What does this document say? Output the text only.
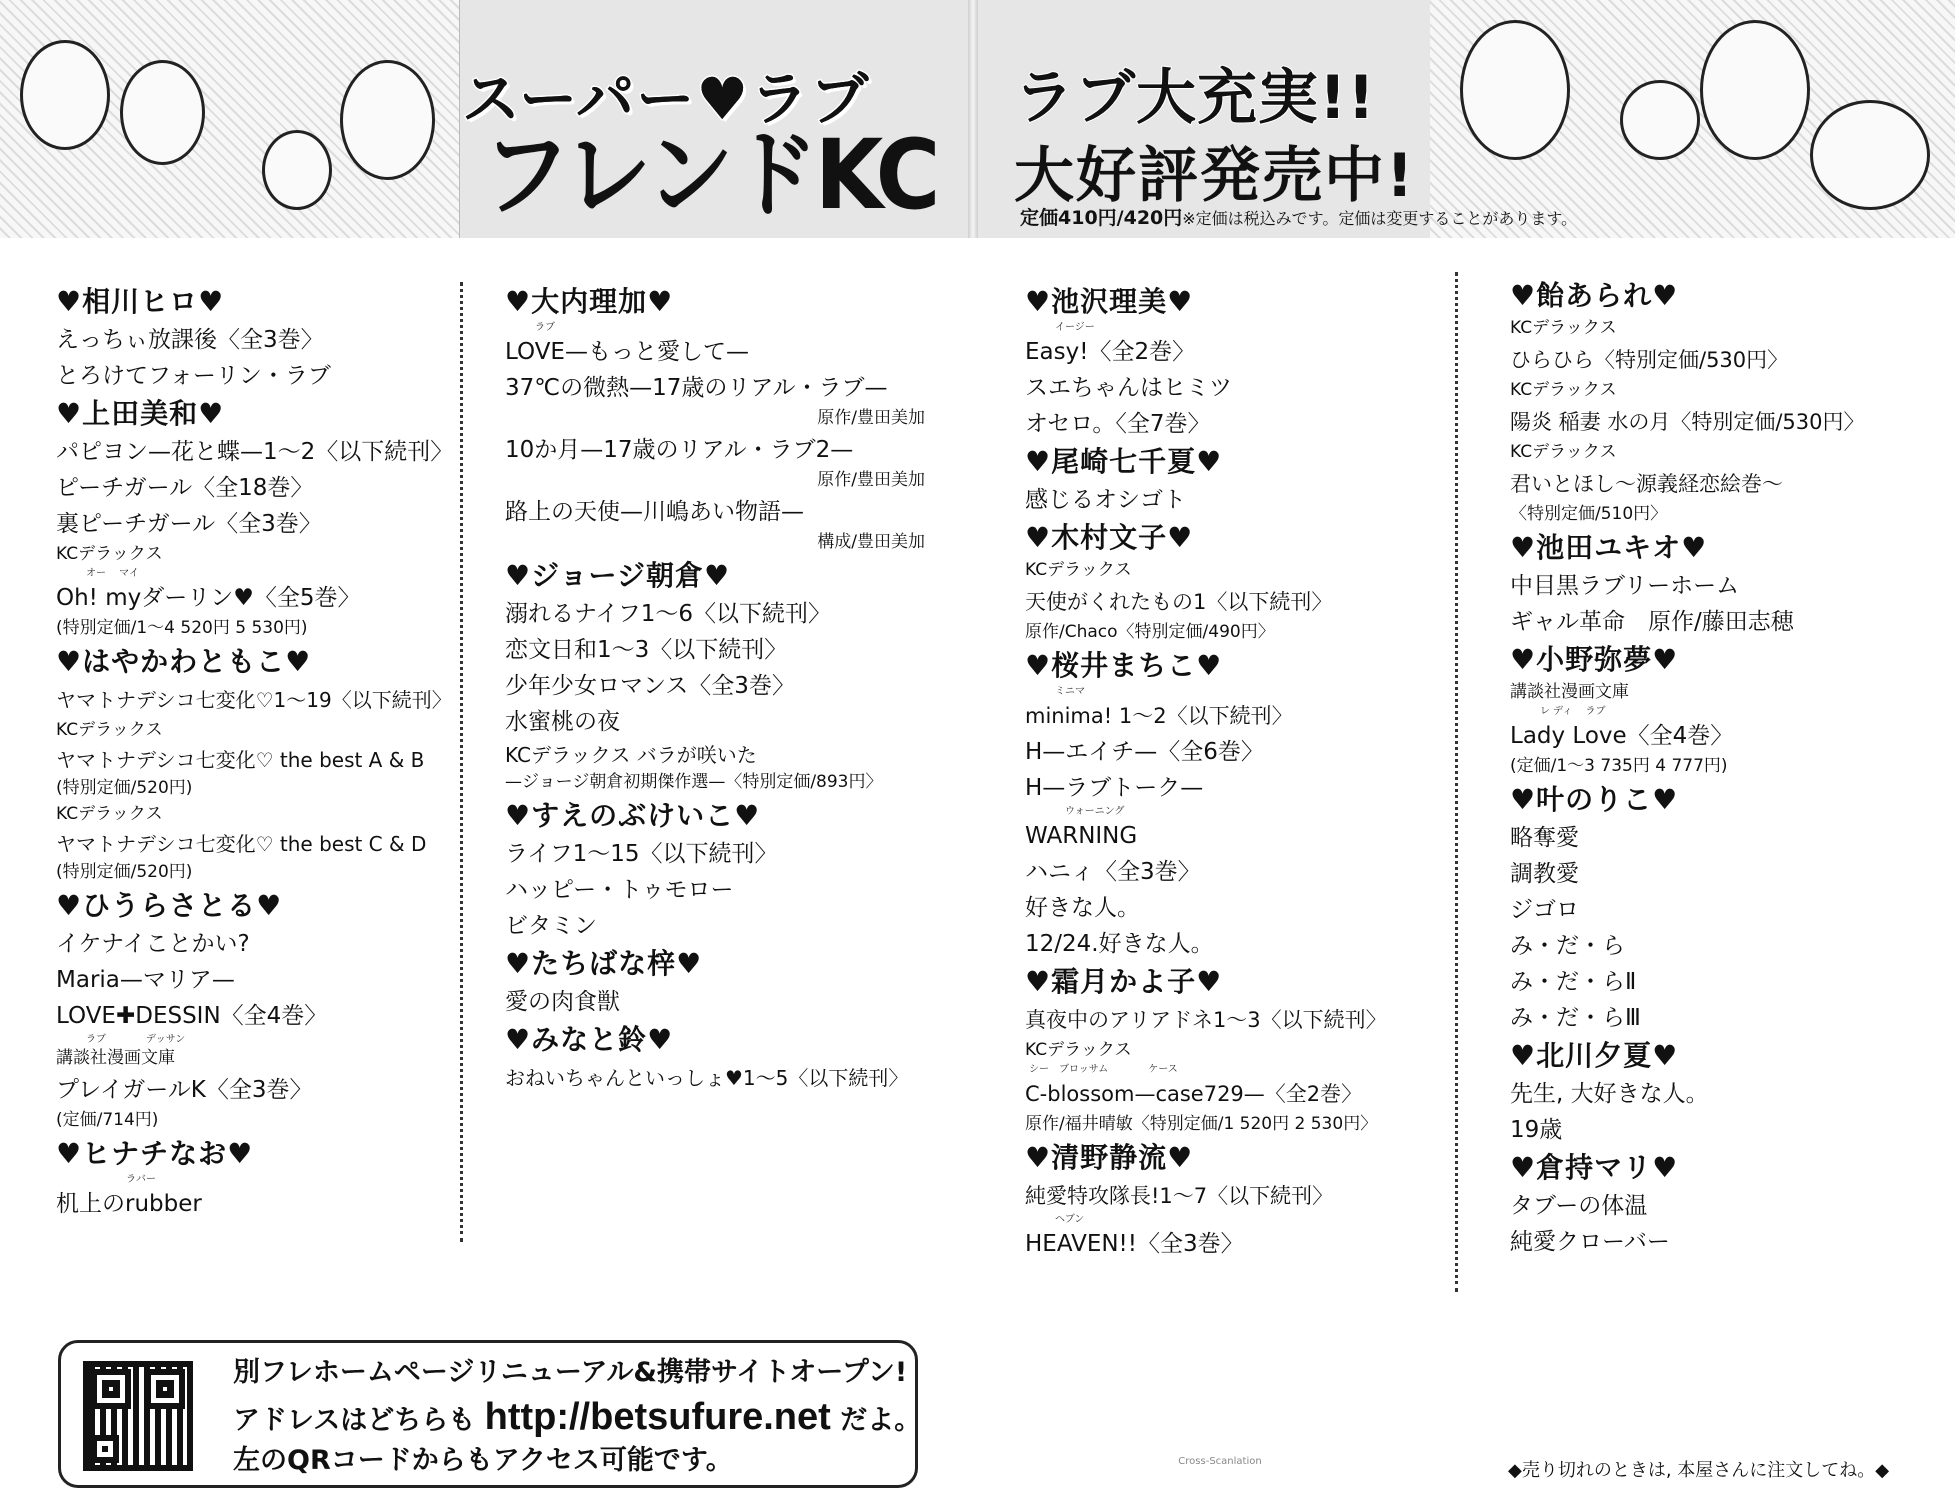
スーパー♥ラブ
フレンドKC
ラブ大充実!!
大好評発売中!
定価410円/420円※定価は税込みです。定価は変更することがあります。
♥相川ヒロ♥
えっちぃ放課後〈全3巻〉
とろけてフォーリン・ラブ
♥上田美和♥
パピヨン—花と蝶—1〜2〈以下続刊〉
ピーチガール〈全18巻〉
裏ピーチガール〈全3巻〉
KCデラックス
オー　 マイ
Oh! myダーリン♥〈全5巻〉
(特別定価/1〜4 520円 5 530円)
♥はやかわともこ♥
ヤマトナデシコ七変化♡1〜19〈以下続刊〉
KCデラックス
ヤマトナデシコ七変化♡ the best A & B
(特別定価/520円)
KCデラックス
ヤマトナデシコ七変化♡ the best C & D
(特別定価/520円)
♥ひうらさとる♥
イケナイことかい?
Maria—マリア—
LOVE✚DESSIN〈全4巻〉
ラブ　　　　デッサン
講談社漫画文庫
プレイガールK〈全3巻〉
(定価/714円)
♥ヒナチなお♥
ラバー
机上のrubber
♥大内理加♥
ラブ
LOVE—もっと愛して—
37℃の微熱—17歳のリアル・ラブ—
原作/豊田美加
10か月—17歳のリアル・ラブ2—
原作/豊田美加
路上の天使—川嶋あい物語—
構成/豊田美加
♥ジョージ朝倉♥
溺れるナイフ1〜6〈以下続刊〉
恋文日和1〜3〈以下続刊〉
少年少女ロマンス〈全3巻〉
水蜜桃の夜
KCデラックス バラが咲いた
—ジョージ朝倉初期傑作選—〈特別定価/893円〉
♥すえのぶけいこ♥
ライフ1〜15〈以下続刊〉
ハッピー・トゥモロー
ビタミン
♥たちばな梓♥
愛の肉食獣
♥みなと鈴♥
おねいちゃんといっしょ♥1〜5〈以下続刊〉
♥池沢理美♥
イージー
Easy!〈全2巻〉
スエちゃんはヒミツ
オセロ。〈全7巻〉
♥尾崎七千夏♥
感じるオシゴト
♥木村文子♥
KCデラックス
天使がくれたもの1〈以下続刊〉
原作/Chaco〈特別定価/490円〉
♥桜井まちこ♥
ミニマ
minima! 1〜2〈以下続刊〉
H—エイチ—〈全6巻〉
H—ラブトーク—
ウォーニング
WARNING
ハニィ〈全3巻〉
好きな人。
12/24.好きな人。
♥霜月かよ子♥
真夜中のアリアドネ1〜3〈以下続刊〉
KCデラックス
シー　ブロッサム　　　　ケース
C-blossom—case729—〈全2巻〉
原作/福井晴敏〈特別定価/1 520円 2 530円〉
♥清野静流♥
純愛特攻隊長!1〜7〈以下続刊〉
ヘブン
HEAVEN!!〈全3巻〉
♥飴あられ♥
KCデラックス
ひらひら〈特別定価/530円〉
KCデラックス
陽炎 稲妻 水の月〈特別定価/530円〉
KCデラックス
君いとほし〜源義経恋絵巻〜
〈特別定価/510円〉
♥池田ユキオ♥
中目黒ラブリーホーム
ギャル革命　原作/藤田志穂
♥小野弥夢♥
講談社漫画文庫
レ ディ　 ラブ
Lady Love〈全4巻〉
(定価/1〜3 735円 4 777円)
♥叶のりこ♥
略奪愛
調教愛
ジゴロ
み・だ・ら
み・だ・らⅡ
み・だ・らⅢ
♥北川夕夏♥
先生, 大好きな人。
19歳
♥倉持マリ♥
タブーの体温
純愛クローバー
別フレホームページリニューアル&携帯サイトオープン!
アドレスはどちらも http://betsufure.net だよ。
左のQRコードからもアクセス可能です。	Cross-Scanlation	◆売り切れのときは, 本屋さんに注文してね。◆
